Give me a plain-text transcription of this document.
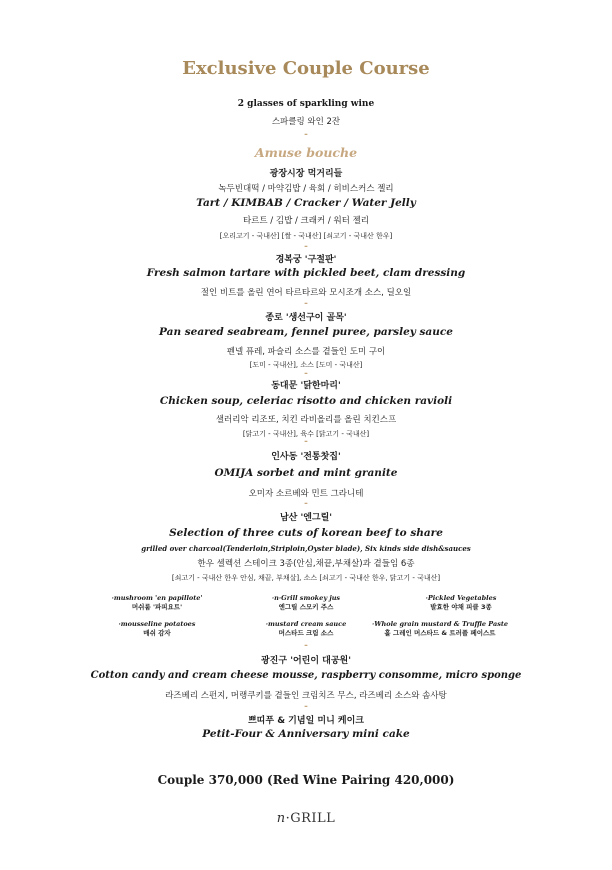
Exclusive Couple Course
2 glasses of sparkling wine
스파클링 와인 2잔
-
Amuse bouche
광장시장 먹거리들
녹두빈대떡 / 마약김밥 / 육회 / 히비스커스 젤리
Tart / KIMBAB / Cracker / Water Jelly
타르트 / 김밥 / 크래커 / 워터 젤리
[오리고기 - 국내산] [쌀 - 국내산] [쇠고기 - 국내산 한우]
-
경복궁 '구절판'
Fresh salmon tartare with pickled beet, clam dressing
절인 비트를 올린 연어 타르타르와 모시조개 소스, 딜오일
-
종로 '생선구이 골목'
Pan seared seabream, fennel puree, parsley sauce
펜넬 퓨레, 파슬리 소스를 곁들인 도미 구이
[도미 - 국내산], 소스 [도미 - 국내산]
-
동대문 '닭한마리'
Chicken soup, celeriac risotto and chicken ravioli
샐러리악 리조또, 치킨 라비올리를 올린 치킨스프
[닭고기 - 국내산], 육수 [닭고기 - 국내산]
-
인사동 '전통찻집'
OMIJA sorbet and mint granite
오미자 소르베와 민트 그라니테
-
남산 '엔그릴'
Selection of three cuts of korean beef to share
grilled over charcoal(Tenderloin,Striploin,Oyster blade), Six kinds side dish&sauces
한우 셀렉션 스테이크 3종(안심,채끝,부채살)과 곁들임 6종
[쇠고기 - 국내산 한우 안심, 채끝, 부채살], 소스 [쇠고기 - 국내산 한우, 닭고기 - 국내산]
·mushroom 'en papillote'
머쉬룸 '파피요트'
·n·Grill smokey jus
엔그릴 스모키 주스
·Pickled Vegetables
발효한 야채 피클 3종
·mousseline potatoes
매쉬 감자
·mustard cream sauce
머스타드 크림 소스
·Whole grain mustard & Truffle Paste
홀 그레인 머스타드 & 트러플 페이스트
-
광진구 '어린이 대공원'
Cotton candy and cream cheese mousse, raspberry consomme, micro sponge
라즈베리 스펀지, 머랭쿠키를 곁들인 크림치즈 무스, 라즈베리 소스와 솜사탕
-
쁘띠푸 & 기념일 미니 케이크
Petit-Four & Anniversary mini cake
Couple 370,000 (Red Wine Pairing 420,000)
n·GRILL
